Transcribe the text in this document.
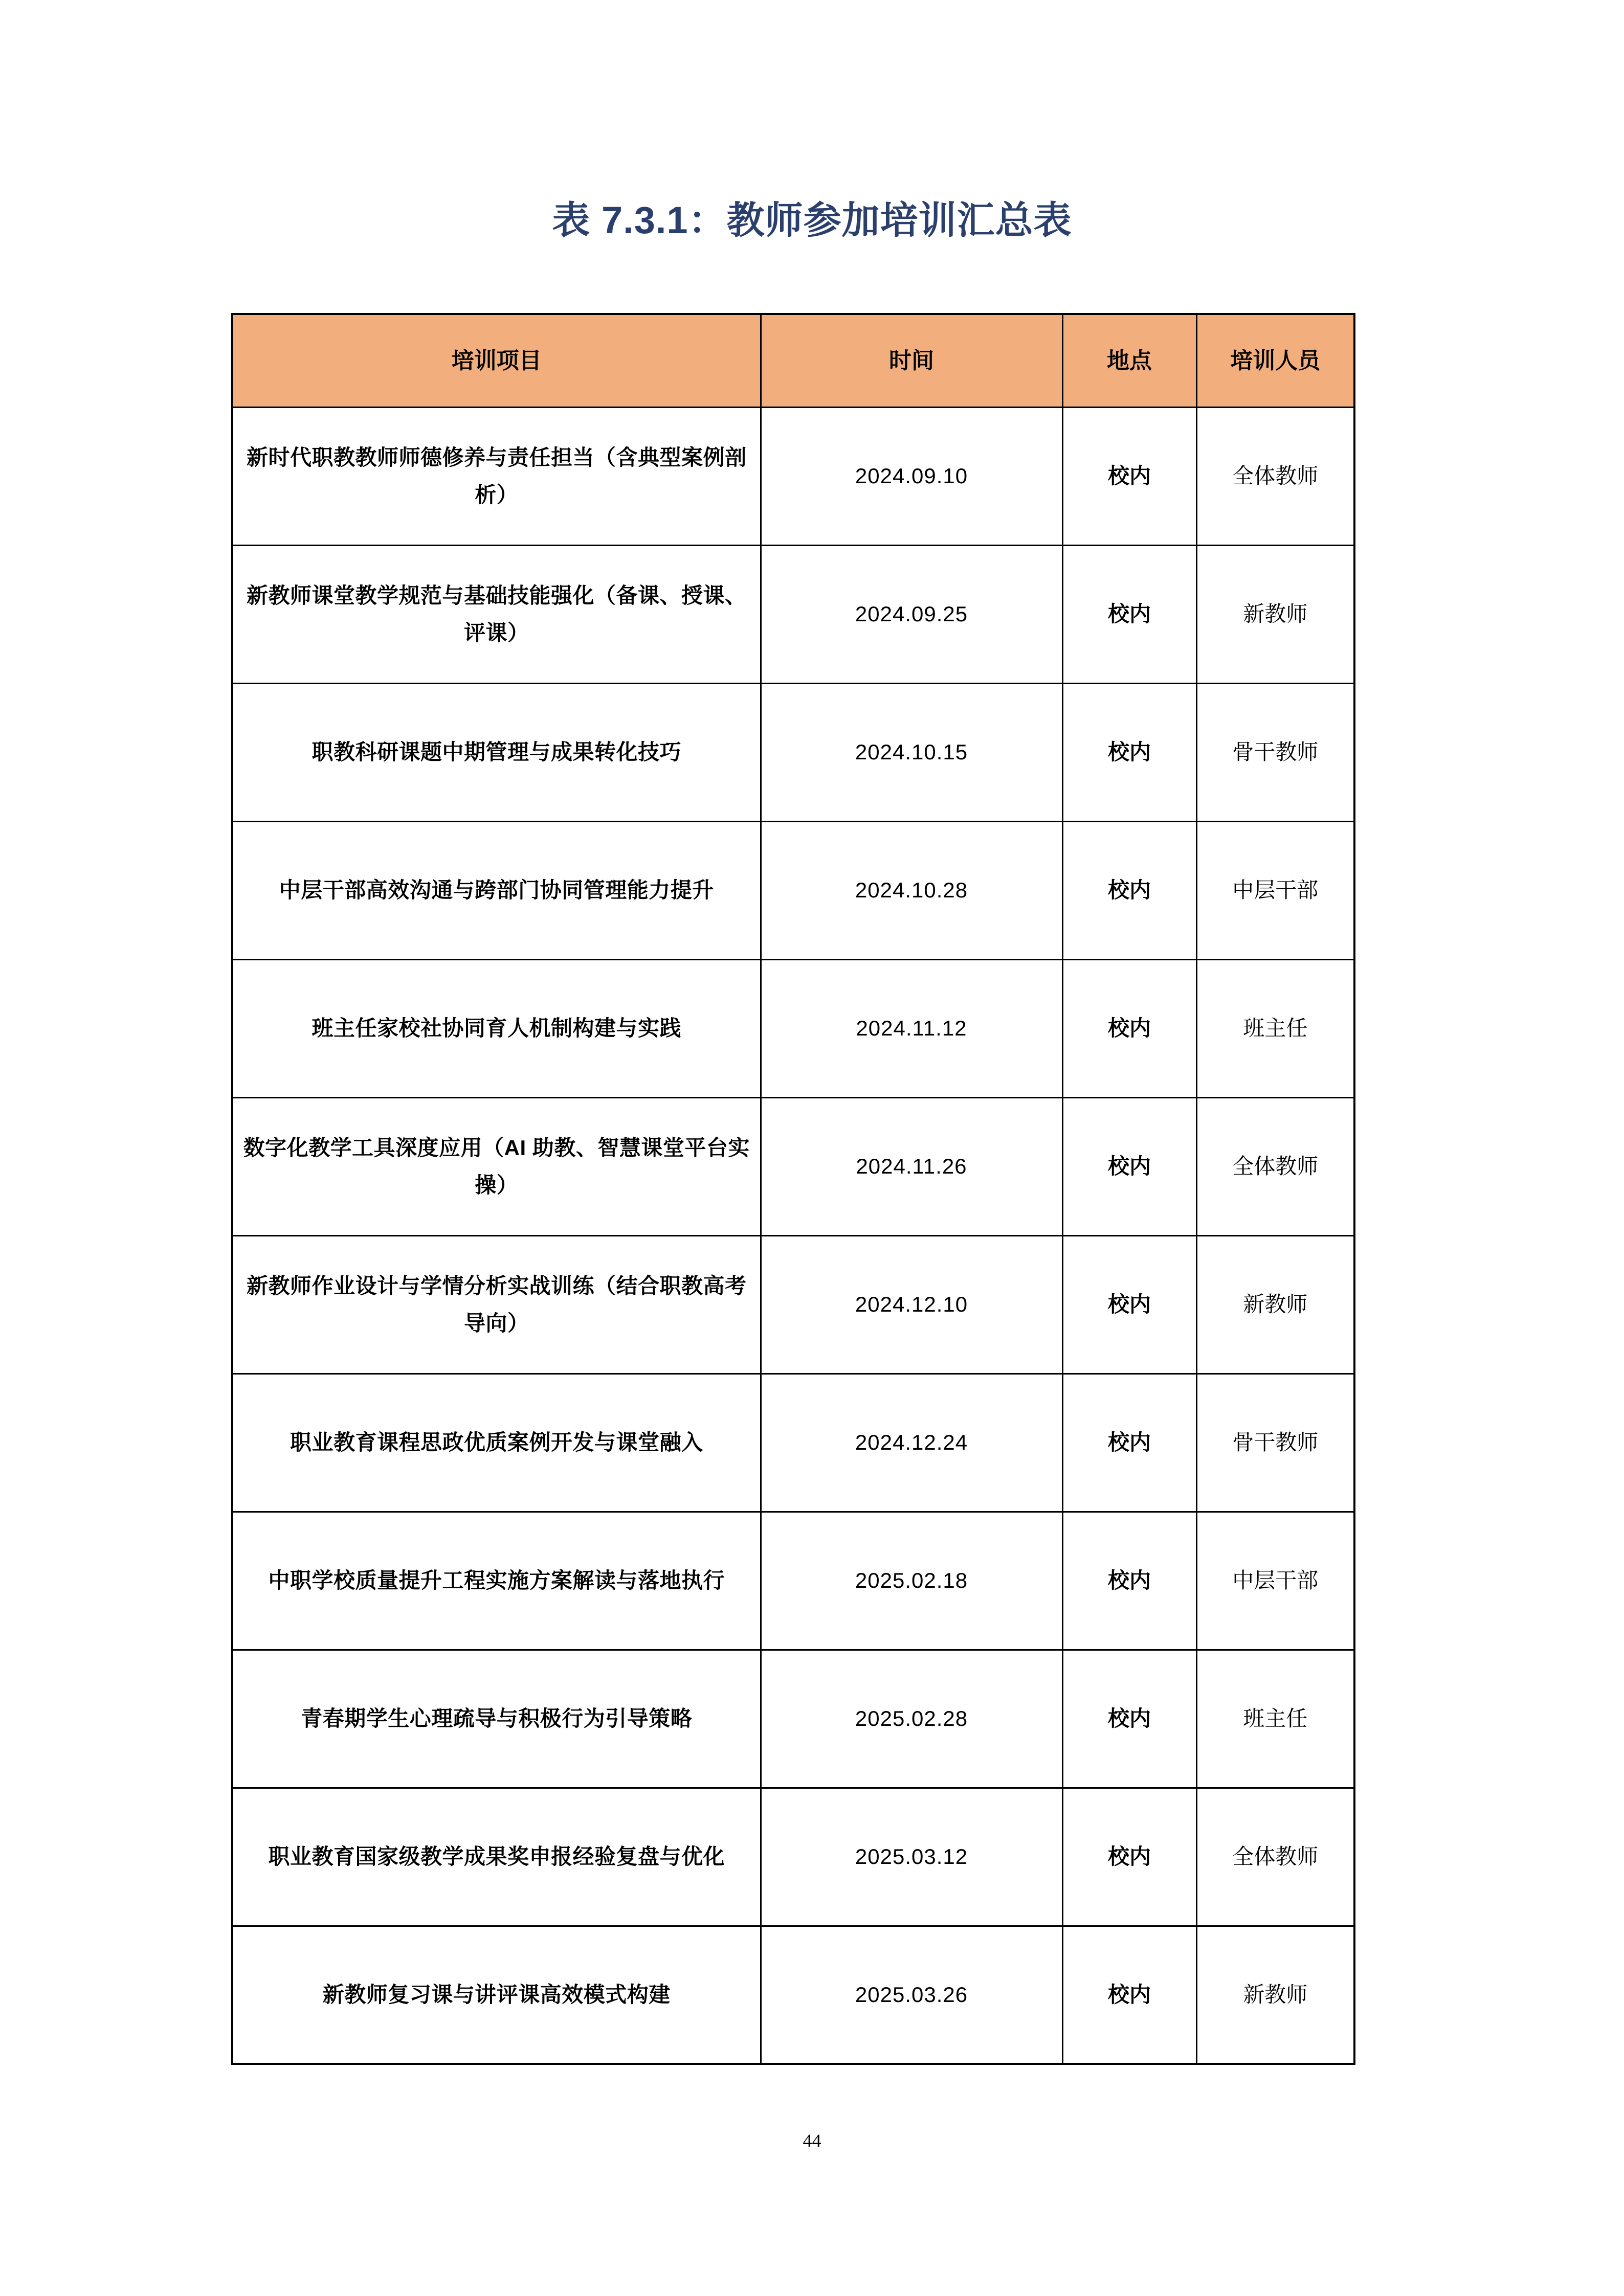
表 7.3.1：教师参加培训汇总表
培训项目	时间	地点	培训人员
新时代职教教师师德修养与责任担当（含典型案例剖析）	2024.09.10	校内	全体教师
新教师课堂教学规范与基础技能强化（备课、授课、评课）	2024.09.25	校内	新教师
职教科研课题中期管理与成果转化技巧	2024.10.15	校内	骨干教师
中层干部高效沟通与跨部门协同管理能力提升	2024.10.28	校内	中层干部
班主任家校社协同育人机制构建与实践	2024.11.12	校内	班主任
数字化教学工具深度应用（AI 助教、智慧课堂平台实操）	2024.11.26	校内	全体教师
新教师作业设计与学情分析实战训练（结合职教高考导向）	2024.12.10	校内	新教师
职业教育课程思政优质案例开发与课堂融入	2024.12.24	校内	骨干教师
中职学校质量提升工程实施方案解读与落地执行	2025.02.18	校内	中层干部
青春期学生心理疏导与积极行为引导策略	2025.02.28	校内	班主任
职业教育国家级教学成果奖申报经验复盘与优化	2025.03.12	校内	全体教师
新教师复习课与讲评课高效模式构建	2025.03.26	校内	新教师
44
